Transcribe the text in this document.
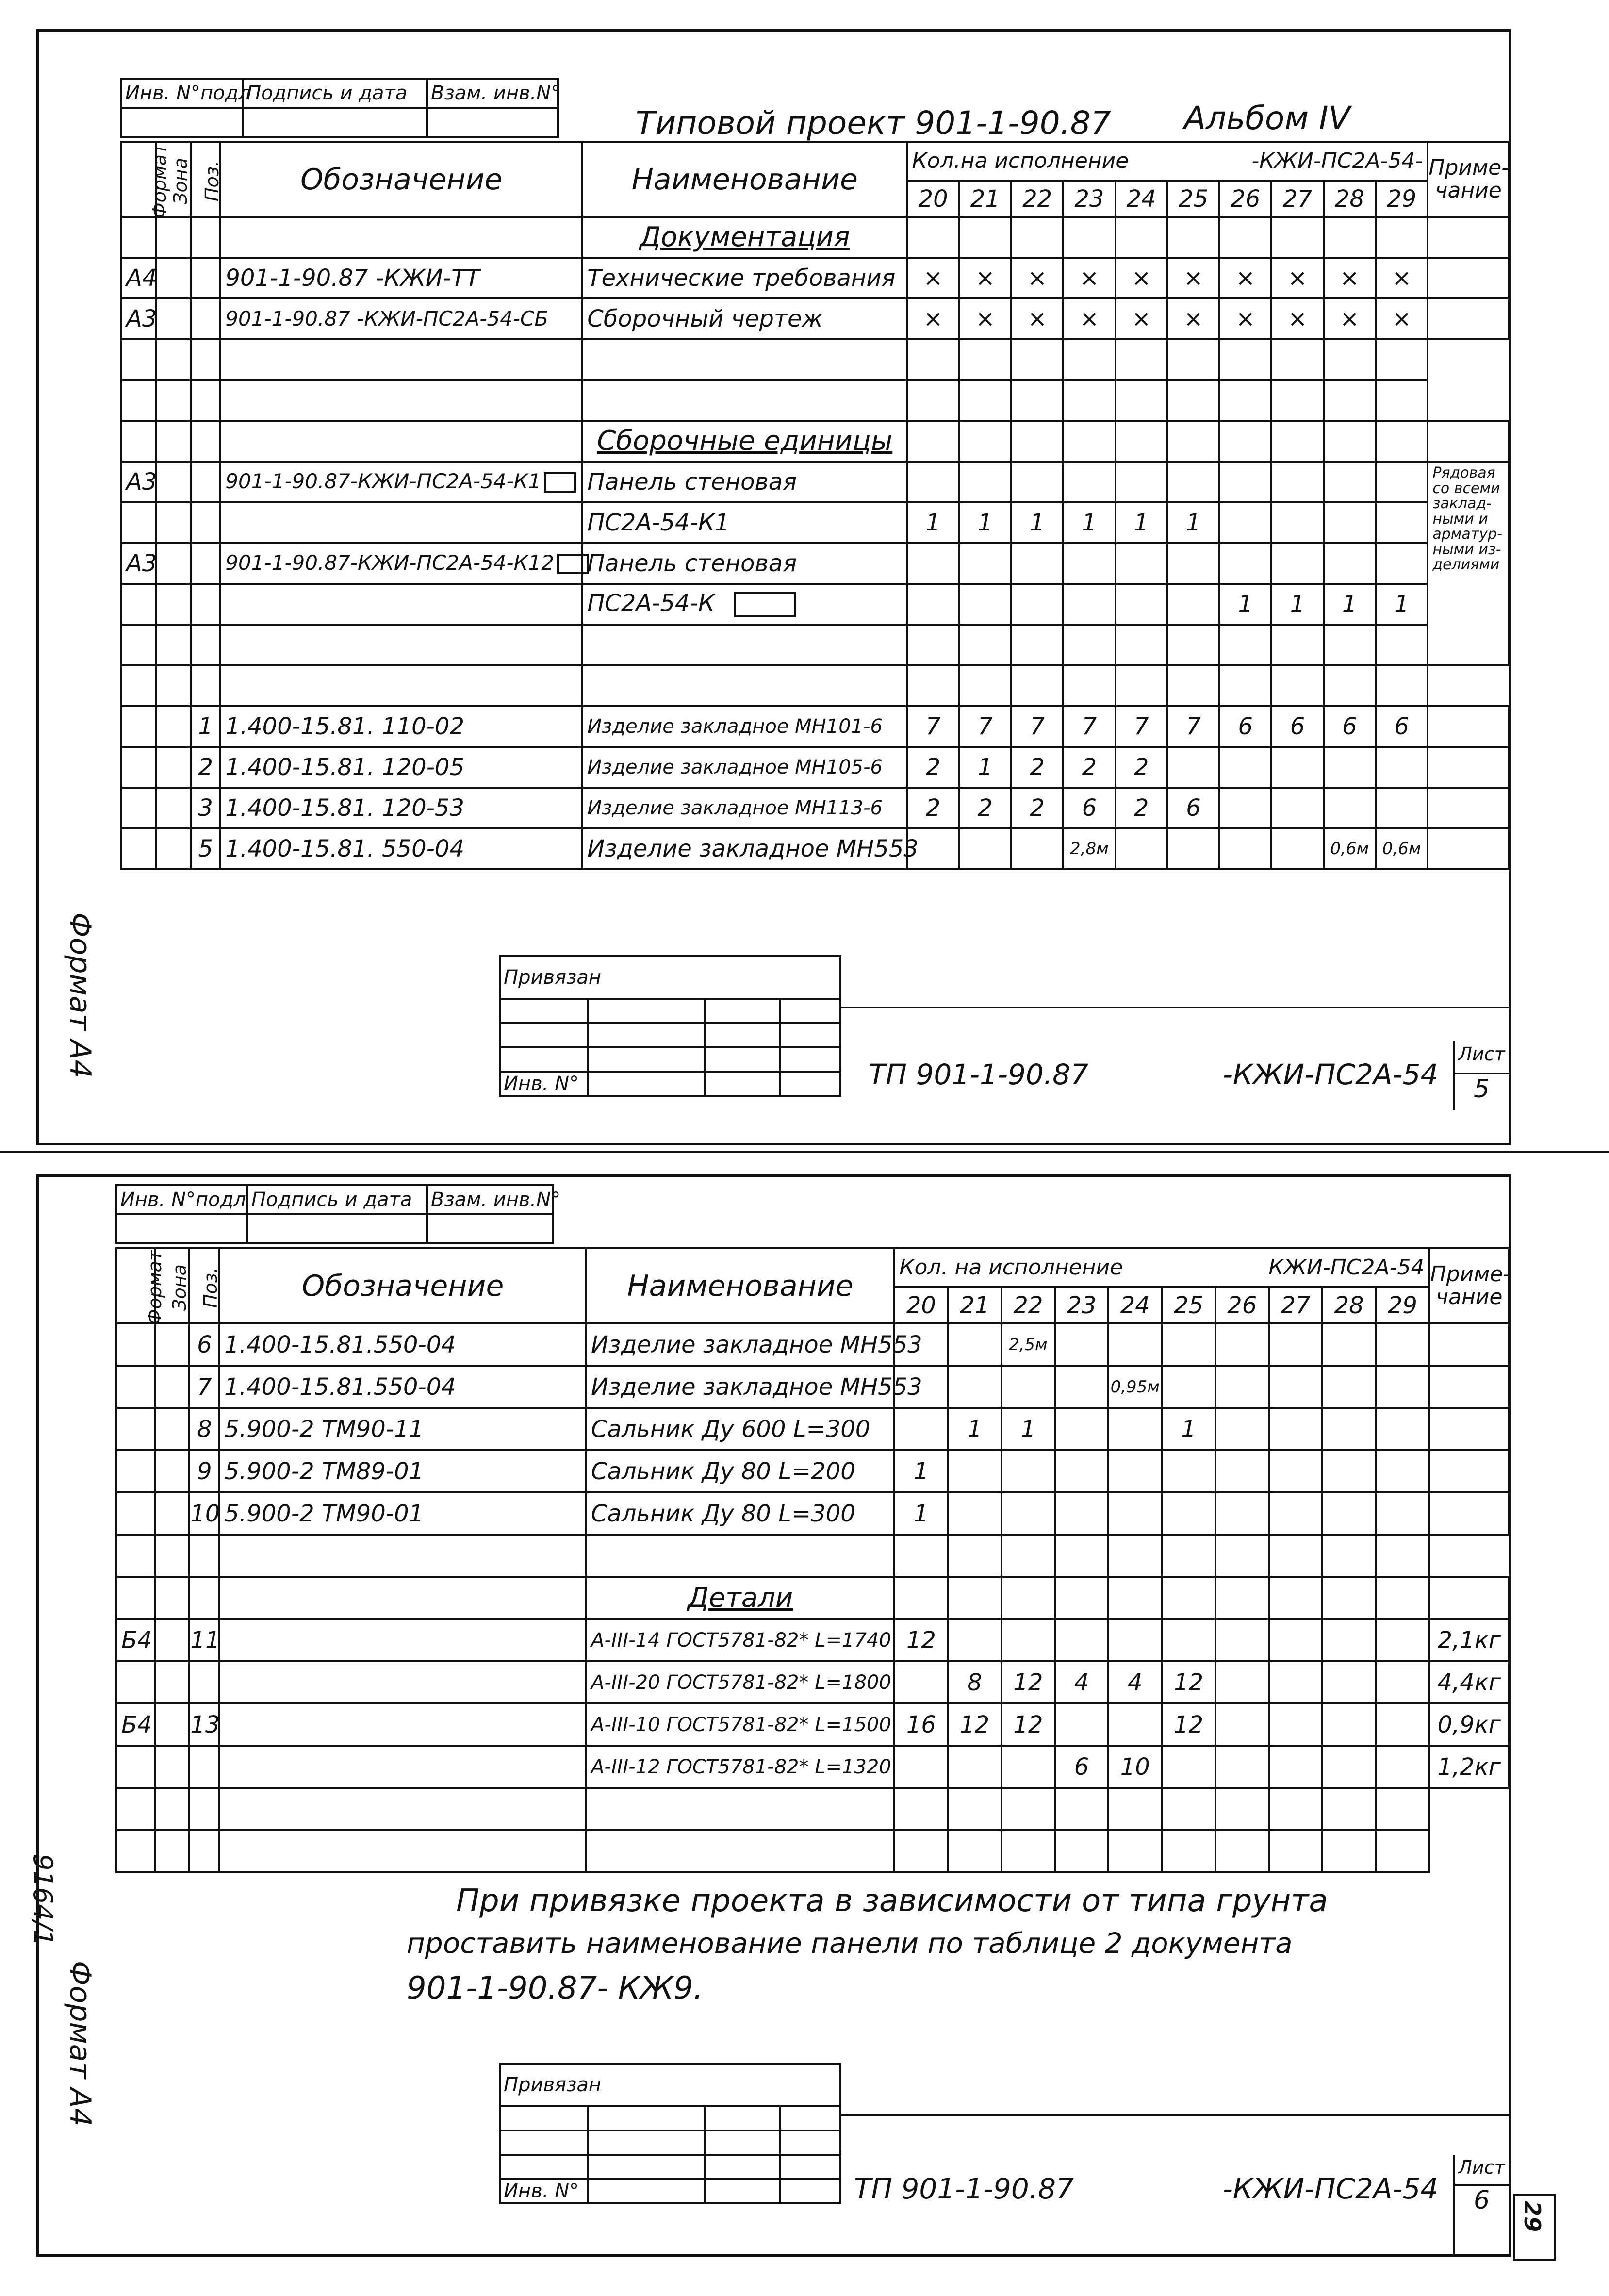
Инв. N°подл	Подпись и дата	Взам. инв.N°

Типовой проект 901-1-90.87 Альбом IV
Формат	Зона	Поз.	Обозначение	Наименование	Кол.на исполнение -КЖИ-ПС2А-54-										Приме-чание
					20	21	22	23	24	25	26	27	28	29	
				Документация											
А4			901-1-90.87 -КЖИ-ТТ	Технические требования	×	×	×	×	×	×	×	×	×	×	
А3			901-1-90.87 -КЖИ-ПС2А-54-СБ	Сборочный чертеж	×	×	×	×	×	×	×	×	×	×	

				Сборочные единицы											
А3			901-1-90.87-КЖИ-ПС2А-54-К1	Панель стеновая											Рядовая со всеми заклад-ными и арматур-ными из-делиями
				ПС2А-54-К1	1	1	1	1	1	1					
А3			901-1-90.87-КЖИ-ПС2А-54-К12	Панель стеновая											
				ПС2А-54-К							1	1	1	1	

		1	1.400-15.81. 110-02	Изделие закладное МН101-6	7	7	7	7	7	7	6	6	6	6	
		2	1.400-15.81. 120-05	Изделие закладное МН105-6	2	1	2	2	2						
		3	1.400-15.81. 120-53	Изделие закладное МН113-6	2	2	2	6	2	6					
		5	1.400-15.81. 550-04	Изделие закладное МН553				2,8м					0,6м	0,6м	
Формат А4	Привязан			

Инв. N°				ТП 901-1-90.87	-КЖИ-ПС2А-54
Лист
5
Инв. N°подл	Подпись и дата	Взам. инв.N°

Формат	Зона	Поз.	Обозначение	Наименование	Кол. на исполнение КЖИ-ПС2А-54										Приме-чание
					20	21	22	23	24	25	26	27	28	29	
		6	1.400-15.81.550-04	Изделие закладное МН553			2,5м								
		7	1.400-15.81.550-04	Изделие закладное МН553					0,95м						
		8	5.900-2 ТМ90-11	Сальник Ду 600 L=300		1	1			1					
		9	5.900-2 ТМ89-01	Сальник Ду 80 L=200	1										
		10	5.900-2 ТМ90-01	Сальник Ду 80 L=300	1										

				Детали											
Б4		11		А-III-14 ГОСТ5781-82* L=1740	12										2,1кг
				А-III-20 ГОСТ5781-82* L=1800		8	12	4	4	12					4,4кг
Б4		13		А-III-10 ГОСТ5781-82* L=1500	16	12	12			12					0,9кг
				А-III-12 ГОСТ5781-82* L=1320				6	10						1,2кг

При привязке проекта в зависимости от типа грунта
проставить наименование панели по таблице 2 документа
901-1-90.87- КЖ9.
Формат А4
9164/1
Привязан			

Инв. N°				ТП 901-1-90.87	-КЖИ-ПС2А-54
Лист
6
29
